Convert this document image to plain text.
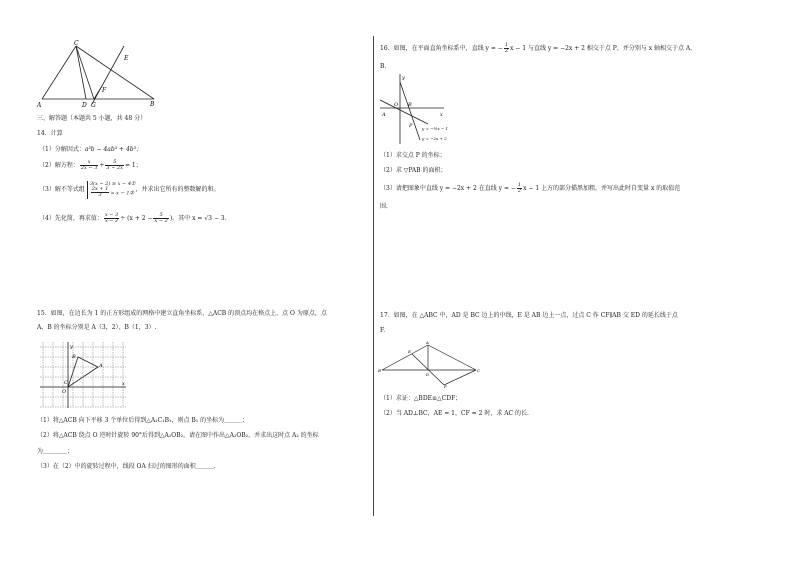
C
E
F
A	D G	B
三、解答题（本题共 5 小题，共 48 分）
14．计算
（1）分解因式：a³b − 4ab³ + 4b³；
（2）解方程： $\frac{x}{2x - 3} + \frac{5}{3 - 2x} = 1$；
（3）解不等式组
3(x − 2) ≥ x − 4①
$\frac{2x + 1}{3} > x$ − 1② ，并求出它所有的整数解的和。
（4）先化简，再求值： $\frac{x - 3}{x - 2} \div (x + 2 - \frac{5}{x - 2}$ )，其中 x = √3 − 3．
15．如图，在边长为 1 的正方形组成的网格中建立直角坐标系，△ACB 的顶点均在格点上，点 O 为原点，点
A、B 的坐标分别是 A（3，2）、B（1，3）.
y
B
A
O
C	x
（1）将△ACB 向下平移 3 个单位后得到△A₁C₁B₁，则点 B₁ 的坐标为＿＿＿；
（2）将△ACB 绕点 O 逆时针旋转 90°后得到△A₂OB₂，请在图中作出△A₂OB₂，并求出这时点 A₂ 的坐标
为＿＿＿＿；
（3）在（2）中的旋转过程中，线段 OA 扫过的图形的面积＿＿＿.
16．如图，在平面直角坐标系中，直线 y = − $\frac{1}{2}$ x − 1 与直线 y = −2x + 2 相交于点 P，并分别与 x 轴相交于点 A、
B.
y
O B
x
A
P y = −½x − 1
y = −2x + 2
（1）求交点 P 的坐标；
（2）求 ▽PAB 的面积；
（3）请把图象中直线 y = −2x + 2 在直线 y = − $\frac{1}{2}$ x − 1 上方的部分描黑加粗，并写出此时自变量 x 的取值范
围.
17．如图，在 △ABC 中，AD 是 BC 边上的中线，E 是 AB 边上一点，过点 C 作 CF∥AB 交 ED 的延长线于点
F.
A
E
B
D
C
F
（1）求证：△BDE≌△CDF；
（2）当 AD⊥BC，AE = 1，CF = 2 时，求 AC 的长.
